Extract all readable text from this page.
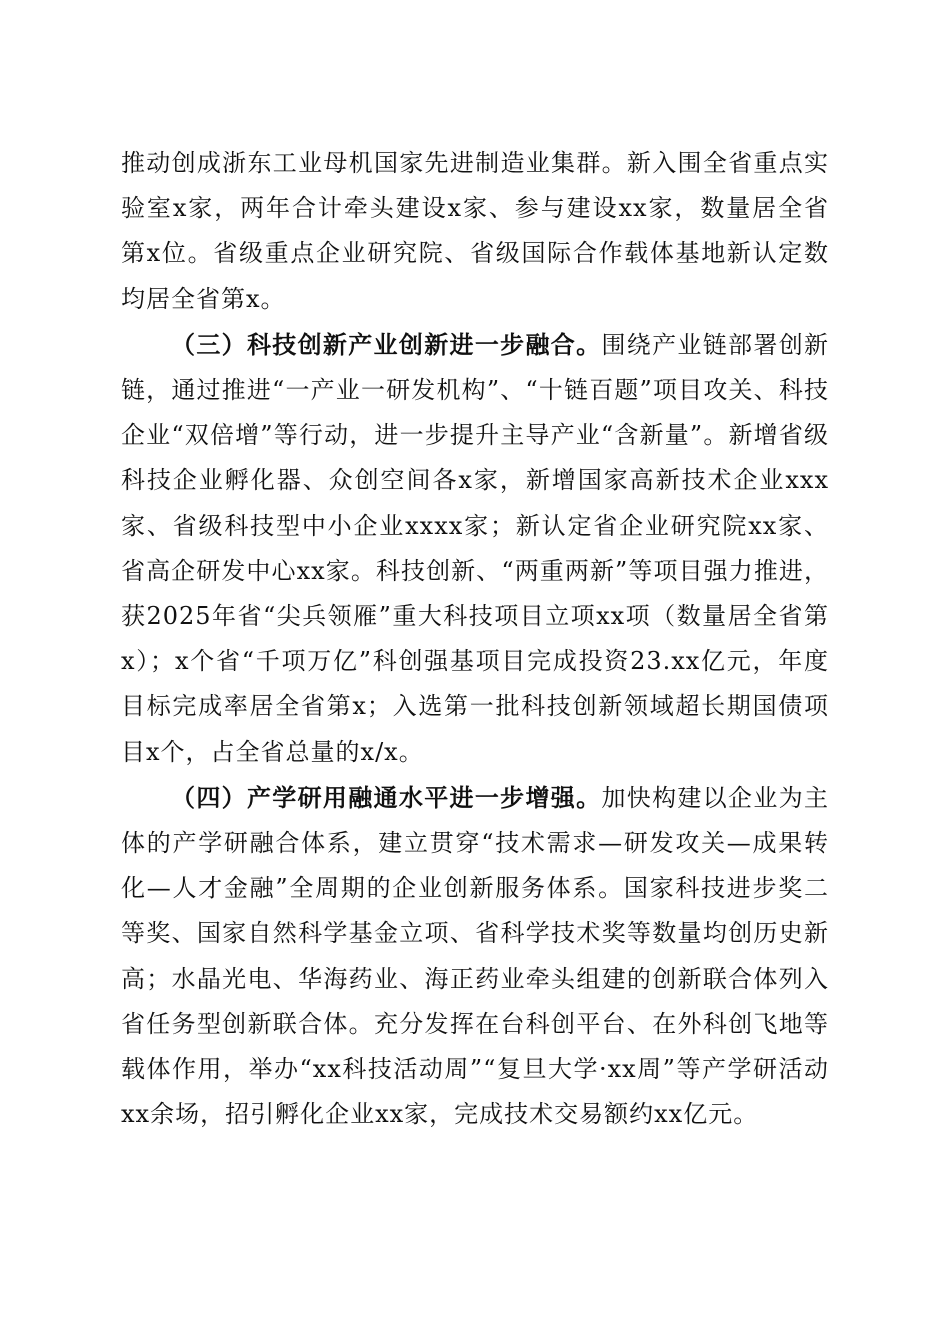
推动创成浙东工业母机国家先进制造业集群。新入围全省重点实验室x家，两年合计牵头建设x家、参与建设xx家，数量居全省第x位。省级重点企业研究院、省级国际合作载体基地新认定数均居全省第x。

（三）科技创新产业创新进一步融合。围绕产业链部署创新链，通过推进“一产业一研发机构”、“十链百题”项目攻关、科技企业“双倍增”等行动，进一步提升主导产业“含新量”。新增省级科技企业孵化器、众创空间各x家，新增国家高新技术企业xxx家、省级科技型中小企业xxxx家；新认定省企业研究院xx家、省高企研发中心xx家。科技创新、“两重两新”等项目强力推进，获2025年省“尖兵领雁”重大科技项目立项xx项（数量居全省第x）；x个省“千项万亿”科创强基项目完成投资23.xx亿元，年度目标完成率居全省第x；入选第一批科技创新领域超长期国债项目x个，占全省总量的x/x。

（四）产学研用融通水平进一步增强。加快构建以企业为主体的产学研融合体系，建立贯穿“技术需求—研发攻关—成果转化—人才金融”全周期的企业创新服务体系。国家科技进步奖二等奖、国家自然科学基金立项、省科学技术奖等数量均创历史新高；水晶光电、华海药业、海正药业牵头组建的创新联合体列入省任务型创新联合体。充分发挥在台科创平台、在外科创飞地等载体作用，举办“xx科技活动周”“复旦大学·xx周”等产学研活动xx余场，招引孵化企业xx家，完成技术交易额约xx亿元。
